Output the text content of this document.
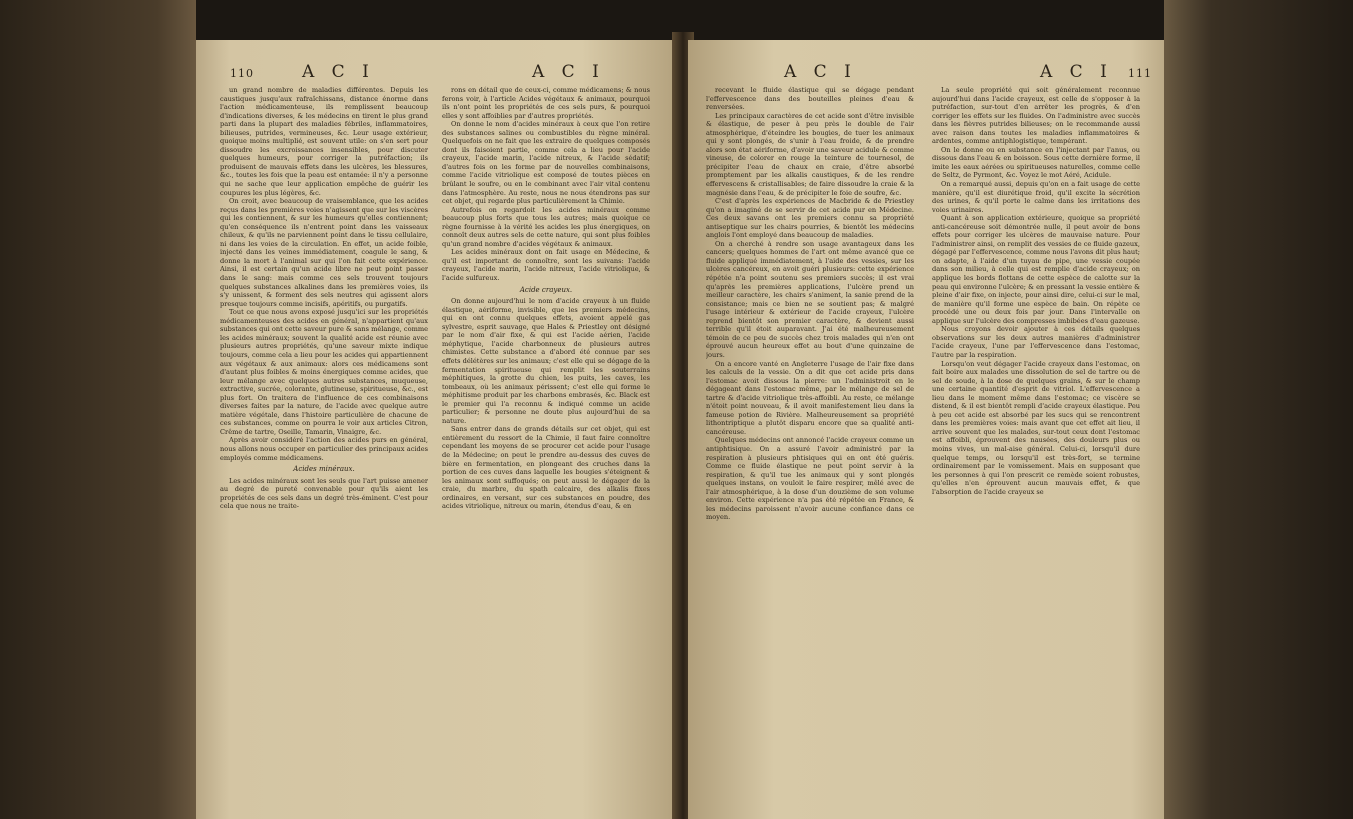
110	A C I	A C I

un grand nombre de maladies différentes. Depuis les caustiques jusqu'aux rafraîchissans, distance énorme dans l'action médicamenteuse, ils remplissent beaucoup d'indications diverses, & les médecins en tirent le plus grand parti dans la plupart des maladies fébriles, inflammatoires, bilieuses, putrides, vermineuses, &c. Leur usage extérieur, quoique moins multiplié, est souvent utile: on s'en sert pour dissoudre les excroissances insensibles, pour discuter quelques humeurs, pour corriger la putréfaction; ils produisent de mauvais effets dans les ulcères, les blessures, &c., toutes les fois que la peau est entamée: il n'y a personne qui ne sache que leur application empêche de guérir les coupures les plus légères, &c.

On croit, avec beaucoup de vraisemblance, que les acides reçus dans les premières voies n'agissent que sur les viscères qui les contiennent, & sur les humeurs qu'elles contiennent; qu'en conséquence ils n'entrent point dans les vaisseaux chileux, & qu'ils ne parviennent point dans le tissu cellulaire, ni dans les voies de la circulation. En effet, un acide foible, injecté dans les veines immédiatement, coagule le sang, & donne la mort à l'animal sur qui l'on fait cette expérience. Ainsi, il est certain qu'un acide libre ne peut point passer dans le sang: mais comme ces sels trouvent toujours quelques substances alkalines dans les premières voies, ils s'y unissent, & forment des sels neutres qui agissent alors presque toujours comme incisifs, apéritifs, ou purgatifs.

Tout ce que nous avons exposé jusqu'ici sur les propriétés médicamenteuses des acides en général, n'appartient qu'aux substances qui ont cette saveur pure & sans mélange, comme les acides minéraux; souvent la qualité acide est réunie avec plusieurs autres propriétés, qu'une saveur mixte indique toujours, comme cela a lieu pour les acides qui appartiennent aux végétaux & aux animaux: alors ces médicamens sont d'autant plus foibles & moins énergiques comme acides, que leur mélange avec quelques autres substances, muqueuse, extractive, sucrée, colorante, glutineuse, spiritueuse, &c., est plus fort. On traitera de l'influence de ces combinaisons diverses faites par la nature, de l'acide avec quelque autre matière végétale, dans l'histoire particulière de chacune de ces substances, comme on pourra le voir aux articles Citron, Crême de tartre, Oseille, Tamarin, Vinaigre, &c.

Après avoir considéré l'action des acides purs en général, nous allons nous occuper en particulier des principaux acides employés comme médicamens.

Acides minéraux.

Les acides minéraux sont les seuls que l'art puisse amener au degré de pureté convenable pour qu'ils aient les propriétés de ces sels dans un degré très-éminent. C'est pour cela que nous ne traite-

rons en détail que de ceux-ci, comme médicamens; & nous ferons voir, à l'article Acides végétaux & animaux, pourquoi ils n'ont point les propriétés de ces sels purs, & pourquoi elles y sont affoiblies par d'autres propriétés.

On donne le nom d'acides minéraux à ceux que l'on retire des substances salines ou combustibles du règne minéral. Quelquefois on ne fait que les extraire de quelques composés dont ils faisoient partie, comme cela a lieu pour l'acide crayeux, l'acide marin, l'acide nitreux, & l'acide sédatif; d'autres fois on les forme par de nouvelles combinaisons, comme l'acide vitriolique est composé de toutes pièces en brûlant le soufre, ou en le combinant avec l'air vital contenu dans l'atmosphère. Au reste, nous ne nous étendrons pas sur cet objet, qui regarde plus particulièrement la Chimie.

Autrefois on regardoit les acides minéraux comme beaucoup plus forts que tous les autres; mais quoique ce règne fournisse à la vérité les acides les plus énergiques, on connoît deux autres sels de cette nature, qui sont plus foibles qu'un grand nombre d'acides végétaux & animaux.

Les acides minéraux dont on fait usage en Médecine, & qu'il est important de connoître, sont les suivans: l'acide crayeux, l'acide marin, l'acide nitreux, l'acide vitriolique, & l'acide sulfureux.

Acide crayeux.

On donne aujourd'hui le nom d'acide crayeux à un fluide élastique, aériforme, invisible, que les premiers médecins, qui en ont connu quelques effets, avoient appelé gas sylvestre, esprit sauvage, que Hales & Priestley ont désigné par le nom d'air fixe, & qui est l'acide aérien, l'acide méphytique, l'acide charbonneux de plusieurs autres chimistes. Cette substance a d'abord été connue par ses effets délétères sur les animaux; c'est elle qui se dégage de la fermentation spiritueuse qui remplit les souterrains méphitiques, la grotte du chien, les puits, les caves, les tombeaux, où les animaux périssent; c'est elle qui forme le méphitisme produit par les charbons embrasés, &c. Black est le premier qui l'a reconnu & indiqué comme un acide particulier; & personne ne doute plus aujourd'hui de sa nature.

Sans entrer dans de grands détails sur cet objet, qui est entièrement du ressort de la Chimie, il faut faire connoître cependant les moyens de se procurer cet acide pour l'usage de la Médecine; on peut le prendre au-dessus des cuves de bière en fermentation, en plongeant des cruches dans la portion de ces cuves dans laquelle les bougies s'éteignent & les animaux sont suffoqués; on peut aussi le dégager de la craie, du marbre, du spath calcaire, des alkalis fixes ordinaires, en versant, sur ces substances en poudre, des acides vitriolique, nitreux ou marin, étendus d'eau, & en

A C I	A C I 111

recevant le fluide élastique qui se dégage pendant l'effervescence dans des bouteilles pleines d'eau & renversées.

Les principaux caractères de cet acide sont d'être invisible & élastique, de peser à peu près le double de l'air atmosphérique, d'éteindre les bougies, de tuer les animaux qui y sont plongés, de s'unir à l'eau froide, & de prendre alors son état aériforme, d'avoir une saveur acidule & comme vineuse, de colorer en rouge la teinture de tournesol, de précipiter l'eau de chaux en craie, d'être absorbé promptement par les alkalis caustiques, & de les rendre effervescens & cristallisables; de faire dissoudre la craie & la magnésie dans l'eau, & de précipiter le foie de soufre, &c.

C'est d'après les expériences de Macbride & de Priestley qu'on a imaginé de se servir de cet acide pur en Médecine. Ces deux savans ont les premiers connu sa propriété antiseptique sur les chairs pourries, & bientôt les médecins anglois l'ont employé dans beaucoup de maladies.

On a cherché à rendre son usage avantageux dans les cancers; quelques hommes de l'art ont même avancé que ce fluide appliqué immédiatement, à l'aide des vessies, sur les ulcères cancéreux, en avoit guéri plusieurs: cette expérience répétée n'a point soutenu ses premiers succès; il est vrai qu'après les premières applications, l'ulcère prend un meilleur caractère, les chairs s'animent, la sanie prend de la consistance; mais ce bien ne se soutient pas; & malgré l'usage intérieur & extérieur de l'acide crayeux, l'ulcère reprend bientôt son premier caractère, & devient aussi terrible qu'il étoit auparavant. J'ai été malheureusement témoin de ce peu de succès chez trois malades qui n'en ont éprouvé aucun heureux effet au bout d'une quinzaine de jours.

On a encore vanté en Angleterre l'usage de l'air fixe dans les calculs de la vessie. On a dit que cet acide pris dans l'estomac avoit dissous la pierre: un l'administroit en le dégageant dans l'estomac même, par le mélange de sel de tartre & d'acide vitriolique très-affoibli. Au reste, ce mélange n'étoit point nouveau, & il avoit manifestement lieu dans la fameuse potion de Rivière. Malheureusement sa propriété lithontriptique a plutôt disparu encore que sa qualité anti-cancéreuse.

Quelques médecins ont annoncé l'acide crayeux comme un antiphtisique. On a assuré l'avoir administré par la respiration à plusieurs phtisiques qui en ont été guéris. Comme ce fluide élastique ne peut point servir à la respiration, & qu'il tue les animaux qui y sont plongés quelques instans, on vouloit le faire respirer, mêlé avec de l'air atmosphérique, à la dose d'un douzième de son volume environ. Cette expérience n'a pas été répétée en France, & les médecins paroissent n'avoir aucune confiance dans ce moyen.

La seule propriété qui soit généralement reconnue aujourd'hui dans l'acide crayeux, est celle de s'opposer à la putréfaction, sur-tout d'en arrêter les progrès, & d'en corriger les effets sur les fluides. On l'administre avec succès dans les fièvres putrides bilieuses; on le recommande aussi avec raison dans toutes les maladies inflammatoires & ardentes, comme antiphlogistique, tempérant.

On le donne ou en substance en l'injectant par l'anus, ou dissous dans l'eau & en boisson. Sous cette dernière forme, il imite les eaux aérées ou spiritueuses naturelles, comme celle de Seltz, de Pyrmont, &c. Voyez le mot Aéré, Acidule.

On a remarqué aussi, depuis qu'on en a fait usage de cette manière, qu'il est diurétique froid, qu'il excite la sécrétion des urines, & qu'il porte le calme dans les irritations des voies urinaires.

Quant à son application extérieure, quoique sa propriété anti-cancéreuse soit démontrée nulle, il peut avoir de bons effets pour corriger les ulcères de mauvaise nature. Pour l'administrer ainsi, on remplit des vessies de ce fluide gazeux, dégagé par l'effervescence, comme nous l'avons dit plus haut; on adapte, à l'aide d'un tuyau de pipe, une vessie coupée dans son milieu, à celle qui est remplie d'acide crayeux; on applique les bords flottans de cette espèce de calotte sur la peau qui environne l'ulcère; & en pressant la vessie entière & pleine d'air fixe, on injecte, pour ainsi dire, celui-ci sur le mal, de manière qu'il forme une espèce de bain. On répète ce procédé une ou deux fois par jour. Dans l'intervalle on applique sur l'ulcère des compresses imbibées d'eau gazeuse.

Nous croyons devoir ajouter à ces détails quelques observations sur les deux autres manières d'administrer l'acide crayeux, l'une par l'effervescence dans l'estomac, l'autre par la respiration.

Lorsqu'on veut dégager l'acide crayeux dans l'estomac, on fait boire aux malades une dissolution de sel de tartre ou de sel de soude, à la dose de quelques grains, & sur le champ une certaine quantité d'esprit de vitriol. L'effervescence a lieu dans le moment même dans l'estomac; ce viscère se distend, & il est bientôt rempli d'acide crayeux élastique. Peu à peu cet acide est absorbé par les sucs qui se rencontrent dans les premières voies: mais avant que cet effet ait lieu, il arrive souvent que les malades, sur-tout ceux dont l'estomac est affoibli, éprouvent des nausées, des douleurs plus ou moins vives, un mal-aise général. Celui-ci, lorsqu'il dure quelque temps, ou lorsqu'il est très-fort, se termine ordinairement par le vomissement. Mais en supposant que les personnes à qui l'on prescrit ce remède soient robustes, qu'elles n'en éprouvent aucun mauvais effet, & que l'absorption de l'acide crayeux se
